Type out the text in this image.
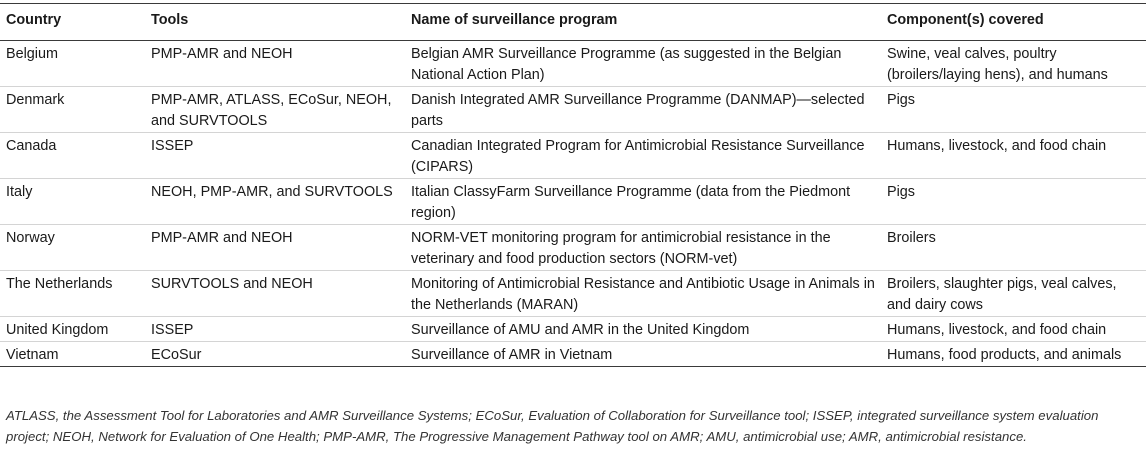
Country	Tools	Name of surveillance program	Component(s) covered
Belgium	PMP-AMR and NEOH	Belgian AMR Surveillance Programme (as suggested in the Belgian National Action Plan)	Swine, veal calves, poultry (broilers/laying hens), and humans
Denmark	PMP-AMR, ATLASS, ECoSur, NEOH, and SURVTOOLS	Danish Integrated AMR Surveillance Programme (DANMAP)—selected parts	Pigs
Canada	ISSEP	Canadian Integrated Program for Antimicrobial Resistance Surveillance (CIPARS)	Humans, livestock, and food chain
Italy	NEOH, PMP-AMR, and SURVTOOLS	Italian ClassyFarm Surveillance Programme (data from the Piedmont region)	Pigs
Norway	PMP-AMR and NEOH	NORM-VET monitoring program for antimicrobial resistance in the veterinary and food production sectors (NORM-vet)	Broilers
The Netherlands	SURVTOOLS and NEOH	Monitoring of Antimicrobial Resistance and Antibiotic Usage in Animals in the Netherlands (MARAN)	Broilers, slaughter pigs, veal calves, and dairy cows
United Kingdom	ISSEP	Surveillance of AMU and AMR in the United Kingdom	Humans, livestock, and food chain
Vietnam	ECoSur	Surveillance of AMR in Vietnam	Humans, food products, and animals
ATLASS, the Assessment Tool for Laboratories and AMR Surveillance Systems; ECoSur, Evaluation of Collaboration for Surveillance tool; ISSEP, integrated surveillance system evaluation project; NEOH, Network for Evaluation of One Health; PMP-AMR, The Progressive Management Pathway tool on AMR; AMU, antimicrobial use; AMR, antimicrobial resistance.
